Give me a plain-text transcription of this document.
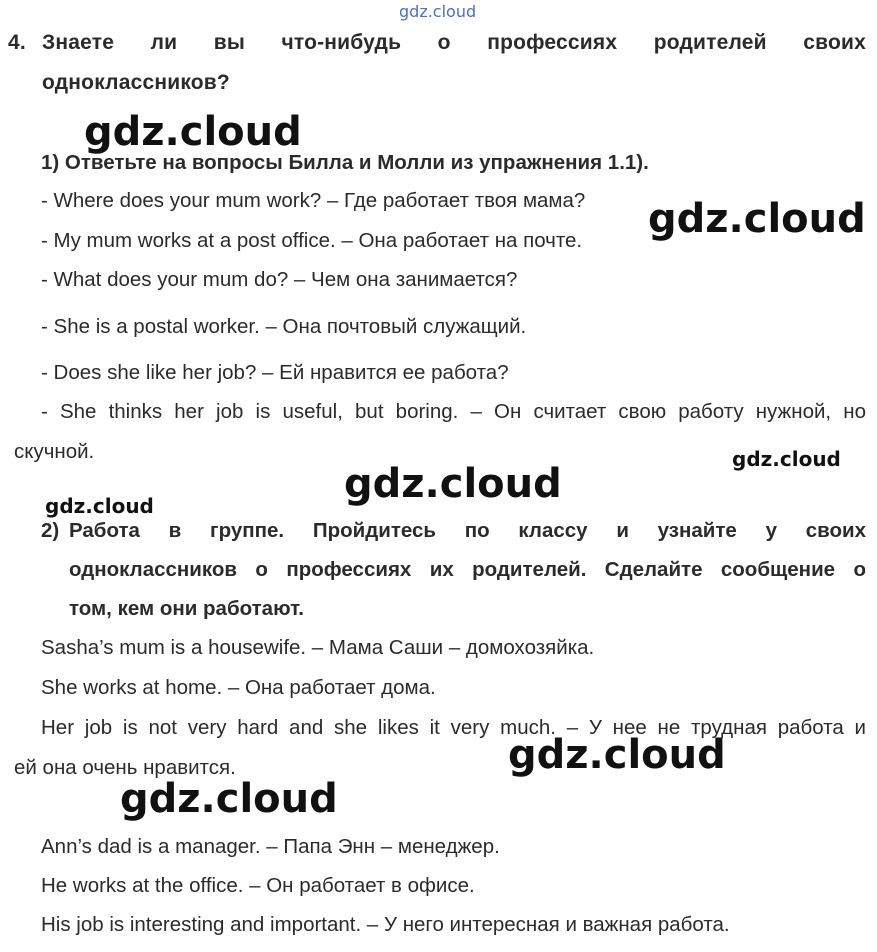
gdz.cloud
4. Знаете ли вы что-нибудь о профессиях родителей своих
одноклассников?
gdz.cloud
1) Ответьте на вопросы Билла и Молли из упражнения 1.1).
- Where does your mum work? – Где работает твоя мама?
- My mum works at a post office. – Она работает на почте.
- What does your mum do? – Чем она занимается?
- She is a postal worker. – Она почтовый служащий.
- Does she like her job? – Ей нравится ее работа?
- She thinks her job is useful, but boring. – Он считает свою работу нужной, но
скучной.
gdz.cloud
gdz.cloud
gdz.cloud
gdz.cloud
2) Работа в группе. Пройдитесь по классу и узнайте у своих
одноклассников о профессиях их родителей. Сделайте сообщение о
том, кем они работают.
Sasha’s mum is a housewife. – Мама Саши – домохозяйка.
She works at home. – Она работает дома.
Her job is not very hard and she likes it very much. – У нее не трудная работа и
ей она очень нравится.
Ann’s dad is a manager. – Папа Энн – менеджер.
He works at the office. – Он работает в офисе.
His job is interesting and important. – У него интересная и важная работа.
gdz.cloud
gdz.cloud
